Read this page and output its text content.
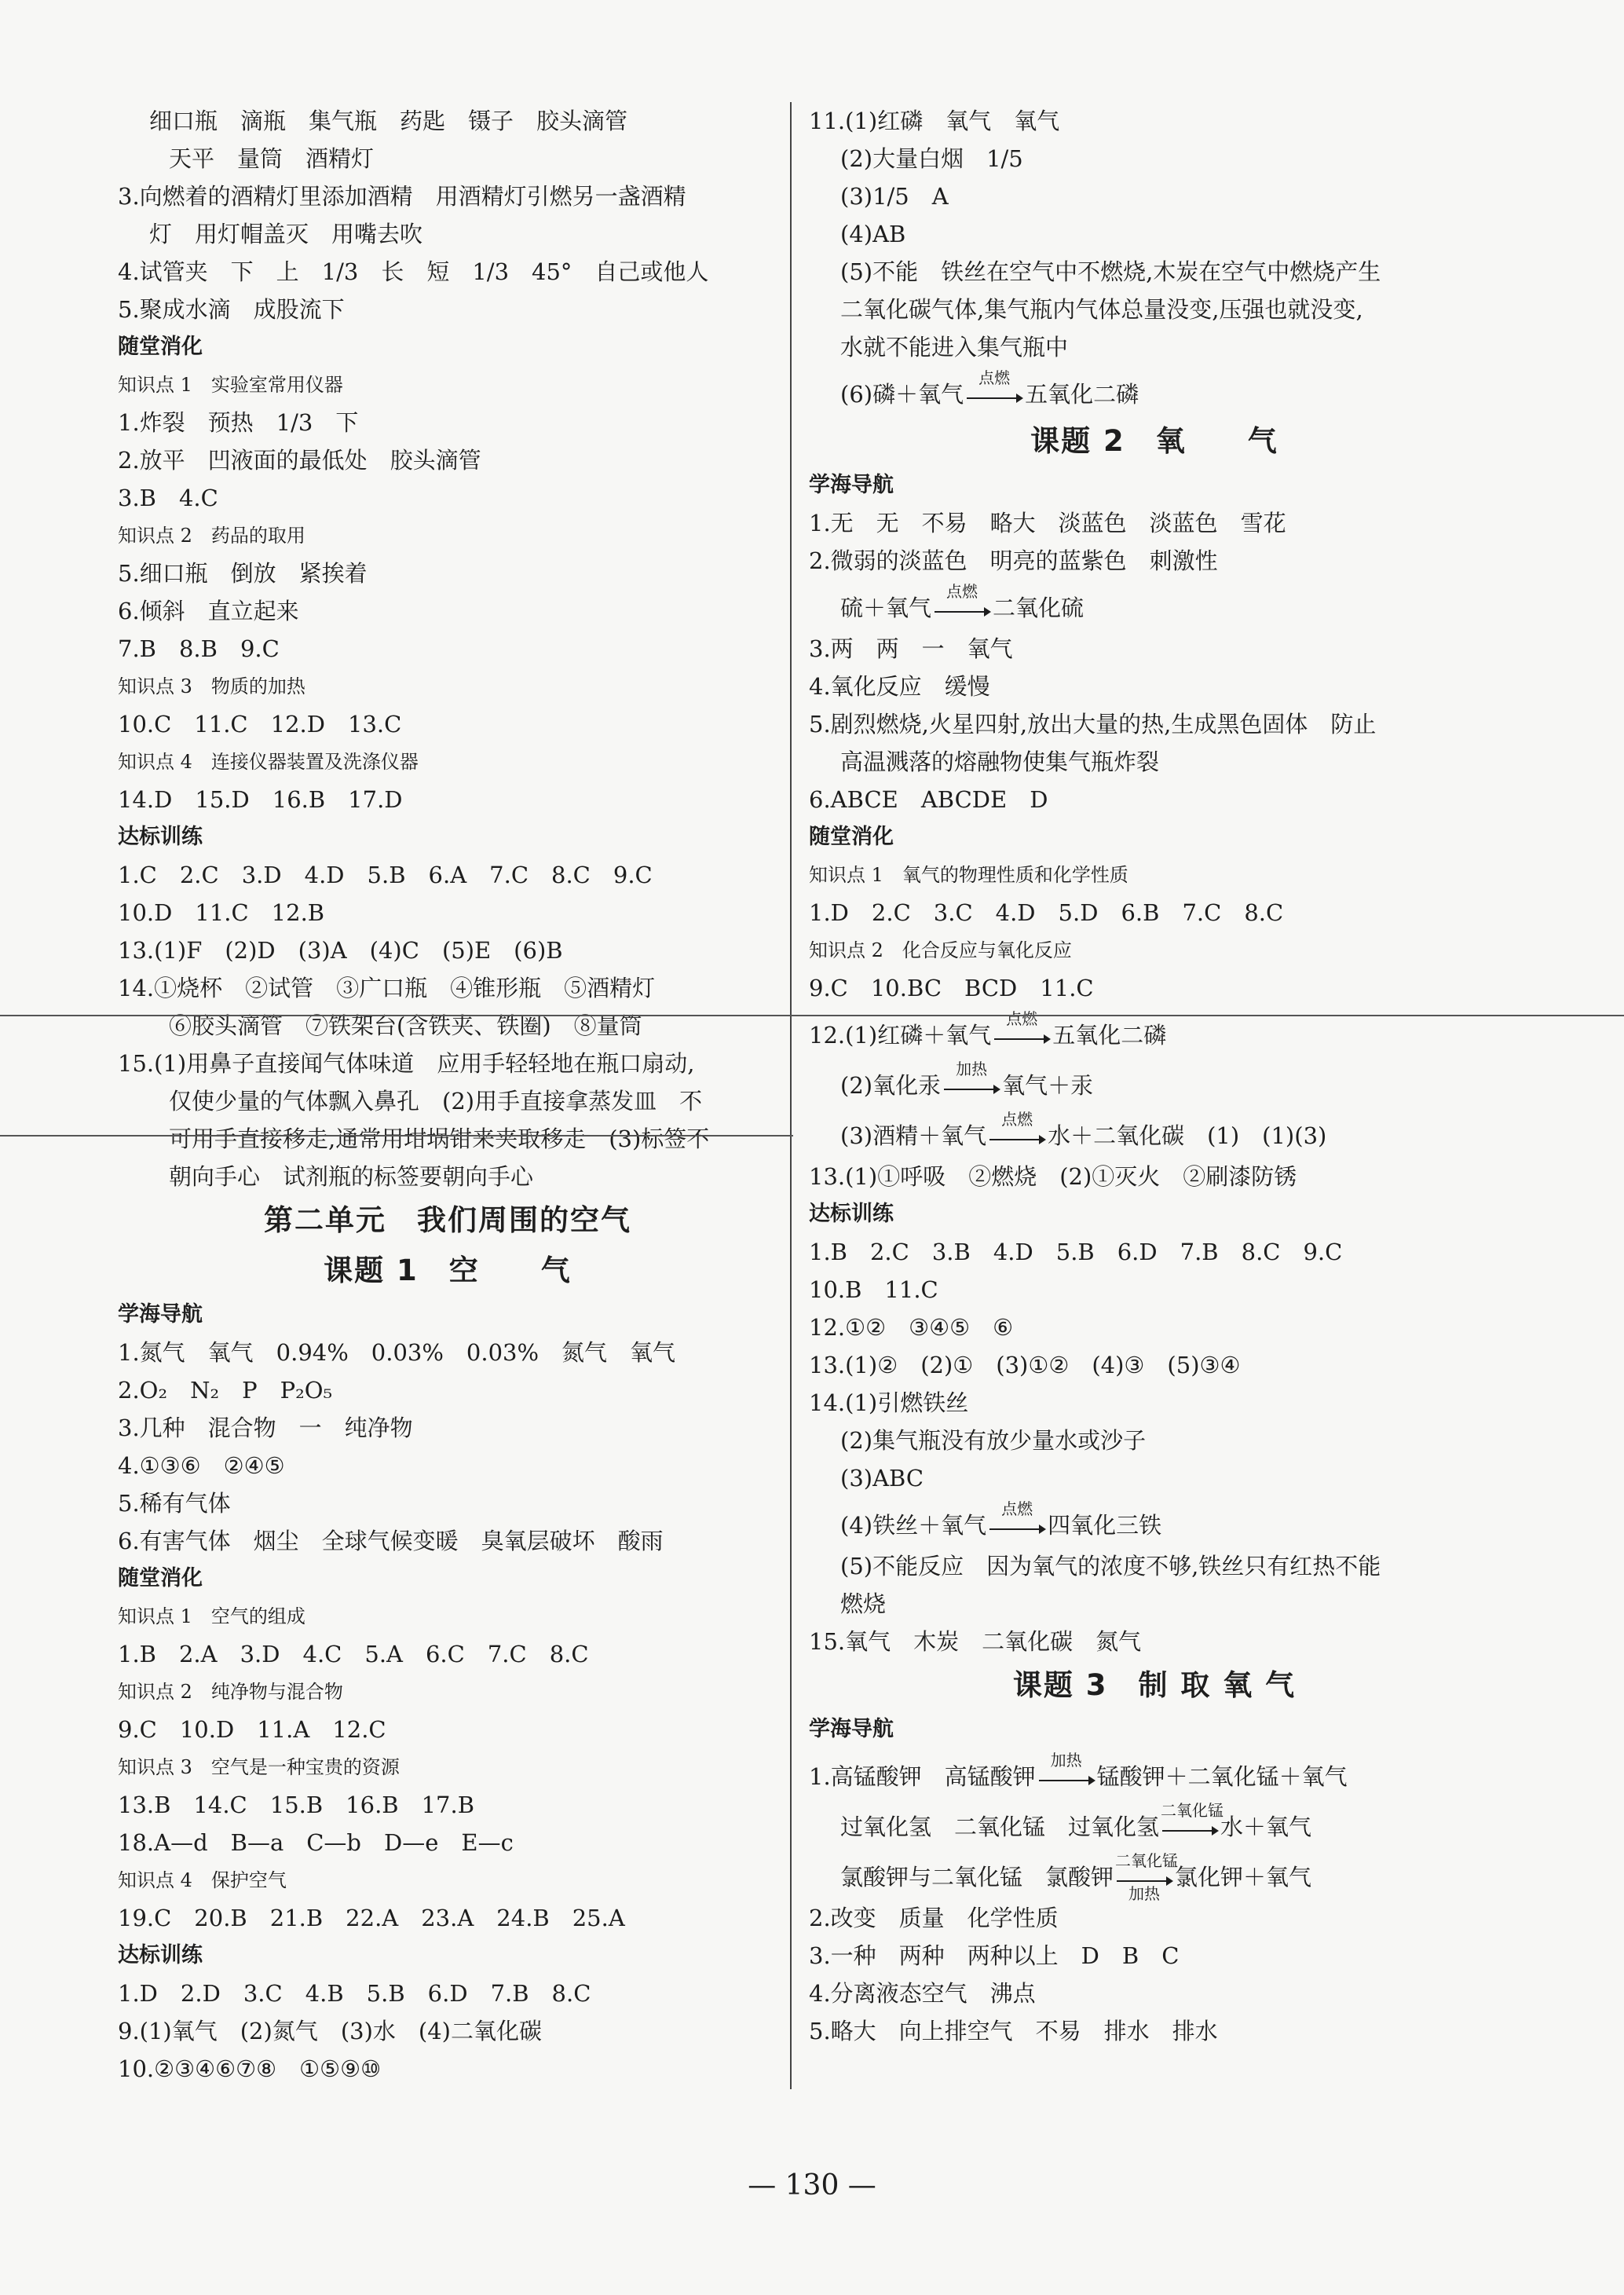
细口瓶　滴瓶　集气瓶　药匙　镊子　胶头滴管
天平　量筒　酒精灯
3.向燃着的酒精灯里添加酒精　用酒精灯引燃另一盏酒精
灯　用灯帽盖灭　用嘴去吹
4.试管夹　下　上　1/3　长　短　1/3　45°　自己或他人
5.聚成水滴　成股流下
随堂消化
知识点 1　实验室常用仪器
1.炸裂　预热　1/3　下
2.放平　凹液面的最低处　胶头滴管
3.B　4.C
知识点 2　药品的取用
5.细口瓶　倒放　紧挨着
6.倾斜　直立起来
7.B　8.B　9.C
知识点 3　物质的加热
10.C　11.C　12.D　13.C
知识点 4　连接仪器装置及洗涤仪器
14.D　15.D　16.B　17.D
达标训练
1.C　2.C　3.D　4.D　5.B　6.A　7.C　8.C　9.C
10.D　11.C　12.B
13.(1)F　(2)D　(3)A　(4)C　(5)E　(6)B
14.①烧杯　②试管　③广口瓶　④锥形瓶　⑤酒精灯
⑥胶头滴管　⑦铁架台(含铁夹、铁圈)　⑧量筒
15.(1)用鼻子直接闻气体味道　应用手轻轻地在瓶口扇动,
仅使少量的气体飘入鼻孔　(2)用手直接拿蒸发皿　不
可用手直接移走,通常用坩埚钳来夹取移走　(3)标签不
朝向手心　试剂瓶的标签要朝向手心
第二单元　我们周围的空气
课题 1　空　　气
学海导航
1.氮气　氧气　0.94%　0.03%　0.03%　氮气　氧气
2.O₂　N₂　P　P₂O₅
3.几种　混合物　一　纯净物
4.①③⑥　②④⑤
5.稀有气体
6.有害气体　烟尘　全球气候变暖　臭氧层破坏　酸雨
随堂消化
知识点 1　空气的组成
1.B　2.A　3.D　4.C　5.A　6.C　7.C　8.C
知识点 2　纯净物与混合物
9.C　10.D　11.A　12.C
知识点 3　空气是一种宝贵的资源
13.B　14.C　15.B　16.B　17.B
18.A—d　B—a　C—b　D—e　E—c
知识点 4　保护空气
19.C　20.B　21.B　22.A　23.A　24.B　25.A
达标训练
1.D　2.D　3.C　4.B　5.B　6.D　7.B　8.C
9.(1)氧气　(2)氮气　(3)水　(4)二氧化碳
10.②③④⑥⑦⑧　①⑤⑨⑩
11.(1)红磷　氧气　氧气
(2)大量白烟　1/5
(3)1/5　A
(4)AB
(5)不能　铁丝在空气中不燃烧,木炭在空气中燃烧产生
二氧化碳气体,集气瓶内气体总量没变,压强也就没变,
水就不能进入集气瓶中
(6)磷＋氧气
点燃
五氧化二磷
课题 2　氧　　气
学海导航
1.无　无　不易　略大　淡蓝色　淡蓝色　雪花
2.微弱的淡蓝色　明亮的蓝紫色　刺激性
硫＋氧气
点燃
二氧化硫
3.两　两　一　氧气
4.氧化反应　缓慢
5.剧烈燃烧,火星四射,放出大量的热,生成黑色固体　防止
高温溅落的熔融物使集气瓶炸裂
6.ABCE　ABCDE　D
随堂消化
知识点 1　氧气的物理性质和化学性质
1.D　2.C　3.C　4.D　5.D　6.B　7.C　8.C
知识点 2　化合反应与氧化反应
9.C　10.BC　BCD　11.C
12.(1)红磷＋氧气
点燃
五氧化二磷
(2)氧化汞
加热
氧气＋汞
(3)酒精＋氧气
点燃
水＋二氧化碳　(1)　(1)(3)
13.(1)①呼吸　②燃烧　(2)①灭火　②刷漆防锈
达标训练
1.B　2.C　3.B　4.D　5.B　6.D　7.B　8.C　9.C
10.B　11.C
12.①②　③④⑤　⑥
13.(1)②　(2)①　(3)①②　(4)③　(5)③④
14.(1)引燃铁丝
(2)集气瓶没有放少量水或沙子
(3)ABC
(4)铁丝＋氧气
点燃
四氧化三铁
(5)不能反应　因为氧气的浓度不够,铁丝只有红热不能
燃烧
15.氧气　木炭　二氧化碳　氮气
课题 3　制 取 氧 气
学海导航
1.高锰酸钾　高锰酸钾
加热
锰酸钾＋二氧化锰＋氧气
过氧化氢　二氧化锰　过氧化氢
二氧化锰
水＋氧气
氯酸钾与二氧化锰　氯酸钾
二氧化锰
加热
氯化钾＋氧气
2.改变　质量　化学性质
3.一种　两种　两种以上　D　B　C
4.分离液态空气　沸点
5.略大　向上排空气　不易　排水　排水
— 130 —
